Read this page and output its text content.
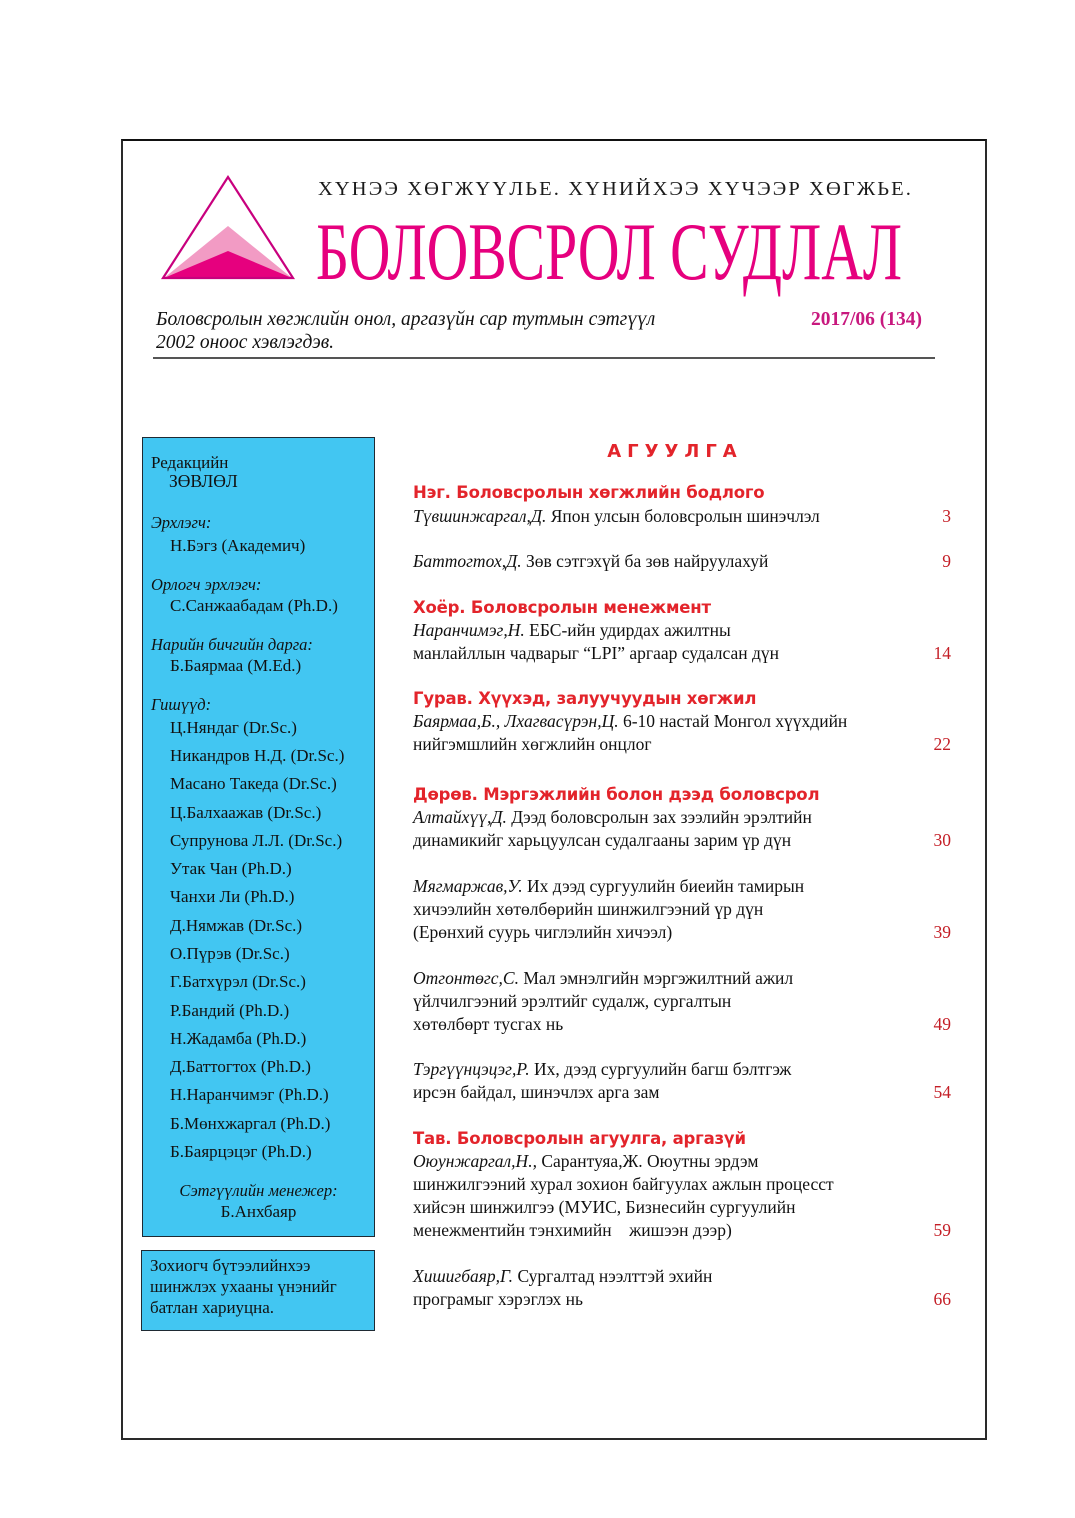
ХҮНЭЭ ХӨГЖҮҮЛЬЕ. ХҮНИЙХЭЭ ХҮЧЭЭР ХӨГЖЬЕ.
БОЛОВСРОЛ СУДЛАЛ
Боловсролын хөгжлийн онол, аргазүйн сар тутмын сэтгүүл
2002 оноос хэвлэгдэв.
2017/06 (134)
Редакцийн
ЗӨВЛӨЛ
Эрхлэгч:
Н.Бэгз (Академич)
Орлогч эрхлэгч:
С.Санжаабадам (Ph.D.)
Нарийн бичгийн дарга:
Б.Баярмаа (M.Ed.)
Гишүүд:
Ц.Няндаг (Dr.Sc.)
Никандров Н.Д. (Dr.Sc.)
Масано Такеда (Dr.Sc.)
Ц.Балхаажав (Dr.Sc.)
Супрунова Л.Л. (Dr.Sc.)
Утак Чан (Ph.D.)
Чанхи Ли (Ph.D.)
Д.Нямжав (Dr.Sc.)
О.Пүрэв (Dr.Sc.)
Г.Батхүрэл (Dr.Sc.)
Р.Бандий (Ph.D.)
Н.Жадамба (Ph.D.)
Д.Баттогтох (Ph.D.)
Н.Наранчимэг (Ph.D.)
Б.Мөнхжаргал (Ph.D.)
Б.Баярцэцэг (Ph.D.)
Сэтгүүлийн менежер:
Б.Анхбаяр
Зохиогч бүтээлийнхээ
шинжлэх ухааны үнэнийг
батлан хариуцна.
АГУУЛГА
Нэг. Боловсролын хөгжлийн бодлого
Түвшинжаргал,Д. Япон улсын боловсролын шинэчлэл	3
Баттогтох,Д. Зөв сэтгэхүй ба зөв найруулахуй	9
Хоёр. Боловсролын менежмент
Наранчимэг,Н. ЕБС-ийн удирдах ажилтны
манлайллын чадварыг “LPI” аргаар судалсан дүн	14
Гурав. Хүүхэд, залуучуудын хөгжил
Баярмаа,Б., Лхагвасүрэн,Ц. 6-10 настай Монгол хүүхдийн
нийгэмшлийн хөгжлийн онцлог	22
Дөрөв. Мэргэжлийн болон дээд боловсрол
Алтайхүү,Д. Дээд боловсролын зах зээлийн эрэлтийн
динамикийг харьцуулсан судалгааны зарим үр дүн	30
Мягмаржав,У. Их дээд сургуулийн биеийн тамирын
хичээлийн хөтөлбөрийн шинжилгээний үр дүн
(Ерөнхий суурь чиглэлийн хичээл)	39
Отгонтөгс,С. Мал эмнэлгийн мэргэжилтний ажил
үйлчилгээний эрэлтийг судалж, сургалтын
хөтөлбөрт тусгах нь	49
Тэргүүнцэцэг,Р. Их, дээд сургуулийн багш бэлтгэж
ирсэн байдал, шинэчлэх арга зам	54
Тав. Боловсролын агуулга, аргазүй
Оюунжаргал,Н., Сарантуяа,Ж. Оюутны эрдэм
шинжилгээний хурал зохион байгуулах ажлын процесст
хийсэн шинжилгээ (МУИС, Бизнесийн сургуулийн
менежментийн тэнхимийн    жишээн дээр)	59
Хишигбаяр,Г. Сургалтад нээлттэй эхийн
програмыг хэрэглэх нь	66
